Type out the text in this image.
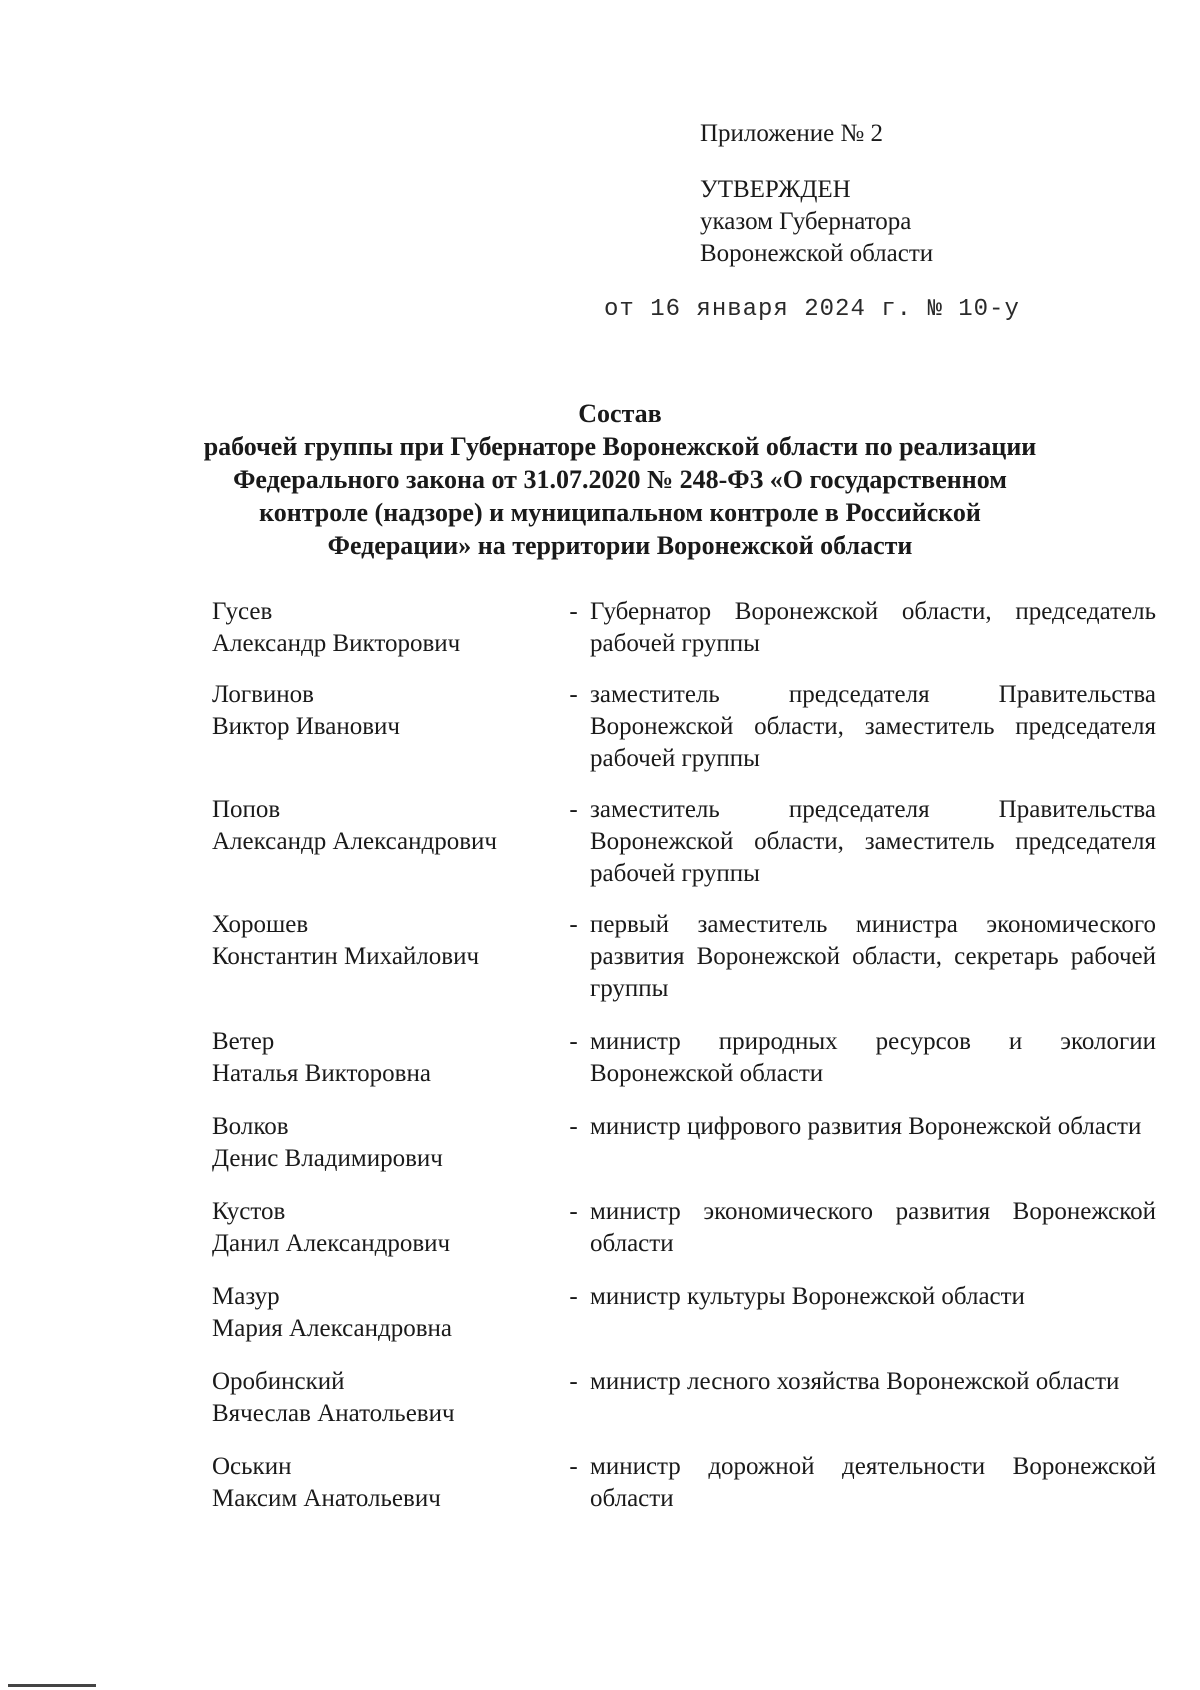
Приложение № 2
УТВЕРЖДЕН
указом Губернатора
Воронежской области
от 16 января 2024 г. № 10-у
Состав
рабочей группы при Губернаторе Воронежской области по реализации
Федерального закона от 31.07.2020 № 248-ФЗ «О государственном
контроле (надзоре) и муниципальном контроле в Российской
Федерации» на территории Воронежской области
Гусев
Александр Викторович
- Губернатор Воронежской области, председатель рабочей группы
Логвинов
Виктор Иванович
- заместитель председателя Правительства Воронежской области, заместитель председателя рабочей группы
Попов
Александр Александрович
- заместитель председателя Правительства Воронежской области, заместитель председателя рабочей группы
Хорошев
Константин Михайлович
- первый заместитель министра экономического развития Воронежской области, секретарь рабочей группы
Ветер
Наталья Викторовна
- министр природных ресурсов и экологии Воронежской области
Волков
Денис Владимирович
- министр цифрового развития Воронежской области
Кустов
Данил Александрович
- министр экономического развития Воронежской области
Мазур
Мария Александровна
- министр культуры Воронежской области
Оробинский
Вячеслав Анатольевич
- министр лесного хозяйства Воронежской области
Оськин
Максим Анатольевич
- министр дорожной деятельности Воронежской области
